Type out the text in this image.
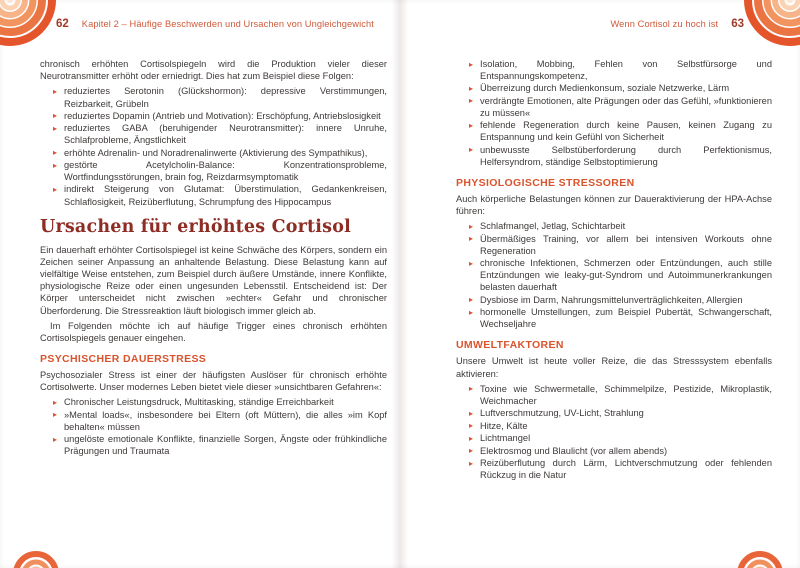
62 Kapitel 2 – Häufige Beschwerden und Ursachen von Ungleichgewicht

chronisch erhöhten Cortisolspiegeln wird die Produktion vieler dieser Neurotransmitter erhöht oder erniedrigt. Dies hat zum Beispiel diese Folgen:

▸ reduziertes Serotonin (Glückshormon): depressive Verstimmungen, Reizbarkeit, Grübeln
▸ reduziertes Dopamin (Antrieb und Motivation): Erschöpfung, Antriebslosigkeit
▸ reduziertes GABA (beruhigender Neurotransmitter): innere Unruhe, Schlafprobleme, Ängstlichkeit
▸ erhöhte Adrenalin- und Noradrenalinwerte (Aktivierung des Sympathikus),
▸ gestörte Acetylcholin-Balance: Konzentrationsprobleme, Wortfindungsstörungen, brain fog, Reizdarmsymptomatik
▸ indirekt Steigerung von Glutamat: Überstimulation, Gedankenkreisen, Schlaflosigkeit, Reizüberflutung, Schrumpfung des Hippocampus
Ursachen für erhöhtes Cortisol

Ein dauerhaft erhöhter Cortisolspiegel ist keine Schwäche des Körpers, sondern ein Zeichen seiner Anpassung an anhaltende Belastung. Diese Belastung kann auf vielfältige Weise entstehen, zum Beispiel durch äußere Umstände, innere Konflikte, physiologische Reize oder einen ungesunden Lebensstil. Entscheidend ist: Der Körper unterscheidet nicht zwischen »echter« Gefahr und chronischer Überforderung. Die Stressreaktion läuft biologisch immer gleich ab.

Im Folgenden möchte ich auf häufige Trigger eines chronisch erhöhten Cortisolspiegels genauer eingehen.

PSYCHISCHER DAUERSTRESS

Psychosozialer Stress ist einer der häufigsten Auslöser für chronisch erhöhte Cortisolwerte. Unser modernes Leben bietet viele dieser »unsichtbaren Gefahren«:

▸ Chronischer Leistungsdruck, Multitasking, ständige Erreichbarkeit
▸ »Mental loads«, insbesondere bei Eltern (oft Müttern), die alles »im Kopf behalten« müssen
▸ ungelöste emotionale Konflikte, finanzielle Sorgen, Ängste oder frühkindliche Prägungen und Traumata
Wenn Cortisol zu hoch ist 63
▸ Isolation, Mobbing, Fehlen von Selbstfürsorge und Entspannungskompetenz,
▸ Überreizung durch Medienkonsum, soziale Netzwerke, Lärm
▸ verdrängte Emotionen, alte Prägungen oder das Gefühl, »funktionieren zu müssen«
▸ fehlende Regeneration durch keine Pausen, keinen Zugang zu Entspannung und kein Gefühl von Sicherheit
▸ unbewusste Selbstüberforderung durch Perfektionismus, Helfersyndrom, ständige Selbstoptimierung
PHYSIOLOGISCHE STRESSOREN

Auch körperliche Belastungen können zur Daueraktivierung der HPA-Achse führen:

▸ Schlafmangel, Jetlag, Schichtarbeit
▸ Übermäßiges Training, vor allem bei intensiven Workouts ohne Regeneration
▸ chronische Infektionen, Schmerzen oder Entzündungen, auch stille Entzündungen wie leaky-gut-Syndrom und Autoimmunerkrankungen belasten dauerhaft
▸ Dysbiose im Darm, Nahrungsmittelunverträglichkeiten, Allergien
▸ hormonelle Umstellungen, zum Beispiel Pubertät, Schwangerschaft, Wechseljahre
UMWELTFAKTOREN

Unsere Umwelt ist heute voller Reize, die das Stresssystem ebenfalls aktivieren:

▸ Toxine wie Schwermetalle, Schimmelpilze, Pestizide, Mikroplastik, Weichmacher
▸ Luftverschmutzung, UV-Licht, Strahlung
▸ Hitze, Kälte
▸ Lichtmangel
▸ Elektrosmog und Blaulicht (vor allem abends)
▸ Reizüberflutung durch Lärm, Lichtverschmutzung oder fehlenden Rückzug in die Natur
